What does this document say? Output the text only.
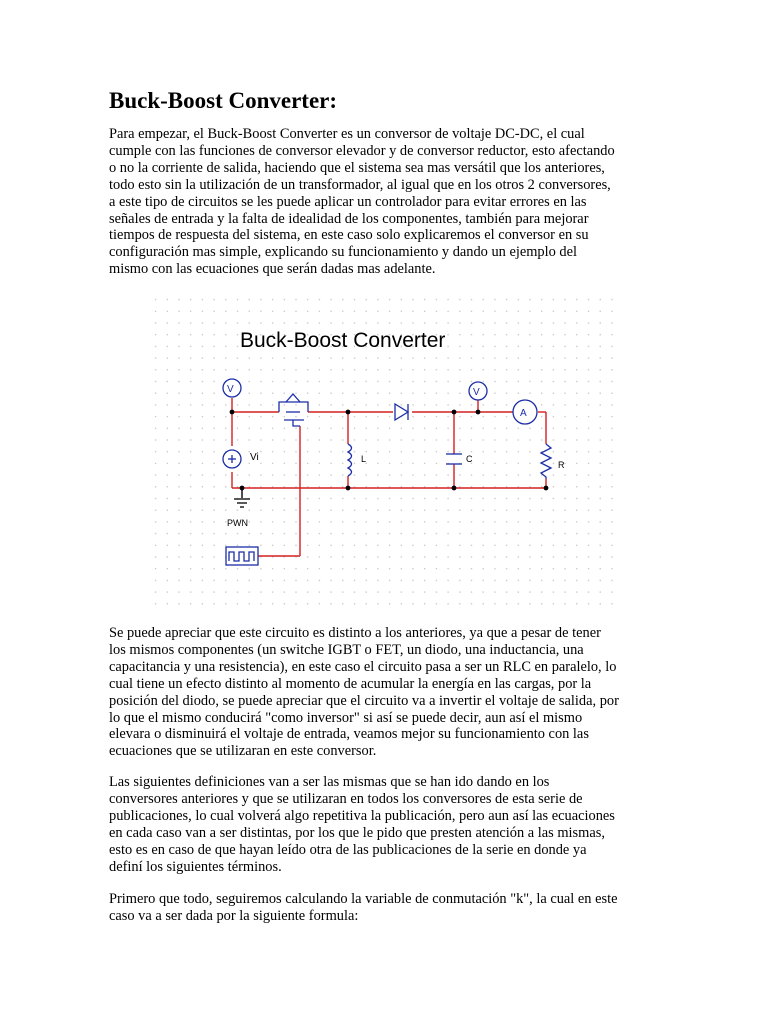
Buck-Boost Converter:

Para empezar, el Buck-Boost Converter es un conversor de voltaje DC-DC, el cual
cumple con las funciones de conversor elevador y de conversor reductor, esto afectando
o no la corriente de salida, haciendo que el sistema sea mas versátil que los anteriores,
todo esto sin la utilización de un transformador, al igual que en los otros 2 conversores,
a este tipo de circuitos se les puede aplicar un controlador para evitar errores en las
señales de entrada y la falta de idealidad de los componentes, también para mejorar
tiempos de respuesta del sistema, en este caso solo explicaremos el conversor en su
configuración mas simple, explicando su funcionamiento y dando un ejemplo del
mismo con las ecuaciones que serán dadas mas adelante.

Buck-Boost Converter
V	V
A
Vi	L	C
R
PWN

Se puede apreciar que este circuito es distinto a los anteriores, ya que a pesar de tener
los mismos componentes (un switche IGBT o FET, un diodo, una inductancia, una
capacitancia y una resistencia), en este caso el circuito pasa a ser un RLC en paralelo, lo
cual tiene un efecto distinto al momento de acumular la energía en las cargas, por la
posición del diodo, se puede apreciar que el circuito va a invertir el voltaje de salida, por
lo que el mismo conducirá "como inversor" si así se puede decir, aun así el mismo
elevara o disminuirá el voltaje de entrada, veamos mejor su funcionamiento con las
ecuaciones que se utilizaran en este conversor.

Las siguientes definiciones van a ser las mismas que se han ido dando en los
conversores anteriores y que se utilizaran en todos los conversores de esta serie de
publicaciones, lo cual volverá algo repetitiva la publicación, pero aun así las ecuaciones
en cada caso van a ser distintas, por los que le pido que presten atención a las mismas,
esto es en caso de que hayan leído otra de las publicaciones de la serie en donde ya
definí los siguientes términos.

Primero que todo, seguiremos calculando la variable de conmutación "k", la cual en este
caso va a ser dada por la siguiente formula:
